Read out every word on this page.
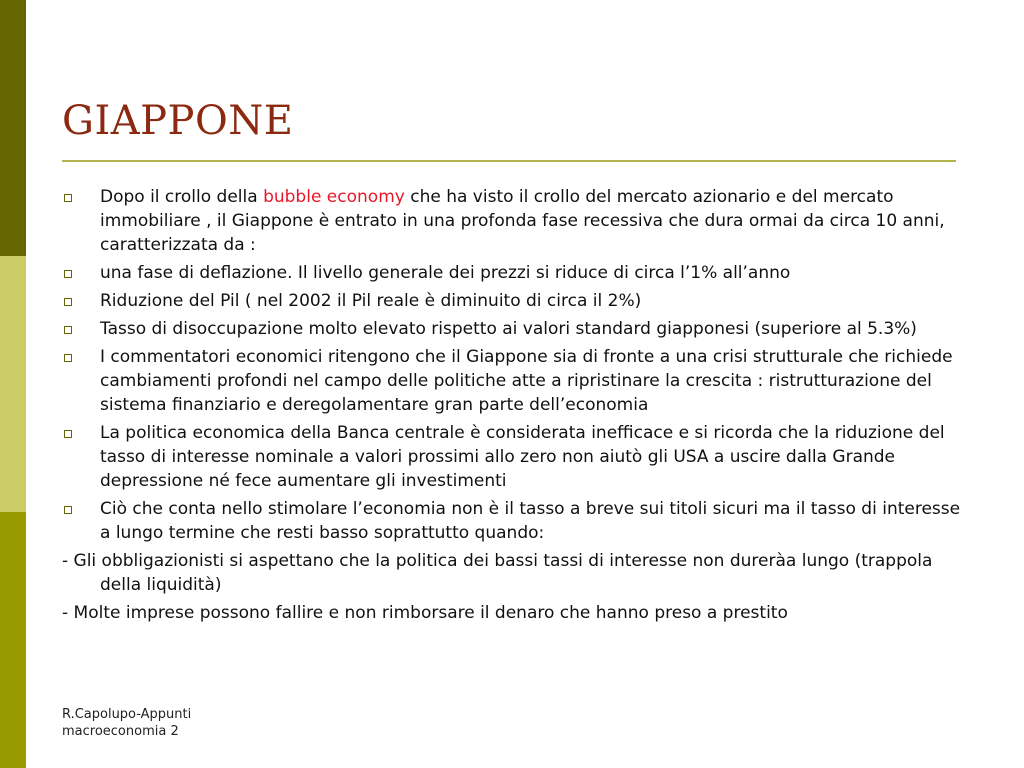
GIAPPONE
Dopo il crollo della bubble economy che ha visto il crollo del mercato azionario e del mercato immobiliare , il Giappone è entrato in una profonda fase recessiva che dura ormai da circa 10 anni, caratterizzata da :
una fase di deflazione. Il livello generale dei prezzi si riduce di circa l’1% all’anno
Riduzione del Pil ( nel 2002 il Pil reale è diminuito di circa il 2%)
Tasso di disoccupazione molto elevato rispetto ai valori standard giapponesi (superiore al 5.3%)
I commentatori economici ritengono che il Giappone sia di fronte a una crisi strutturale che richiede cambiamenti profondi nel campo delle politiche atte a ripristinare la crescita : ristrutturazione del sistema finanziario e deregolamentare gran parte dell’economia
La politica economica della Banca centrale è considerata inefficace e si ricorda che la riduzione del tasso di interesse nominale a valori prossimi allo zero non aiutò gli USA a uscire dalla Grande depressione né fece aumentare gli investimenti
Ciò che conta nello stimolare l’economia non è il tasso a breve sui titoli sicuri ma il tasso di interesse a lungo termine che resti basso soprattutto quando:
- Gli obbligazionisti si aspettano che la politica dei bassi tassi di interesse non dureràa lungo (trappola della liquidità)
- Molte imprese possono fallire e non rimborsare il denaro che hanno preso a prestito
R.Capolupo-Appunti
macroeconomia 2
